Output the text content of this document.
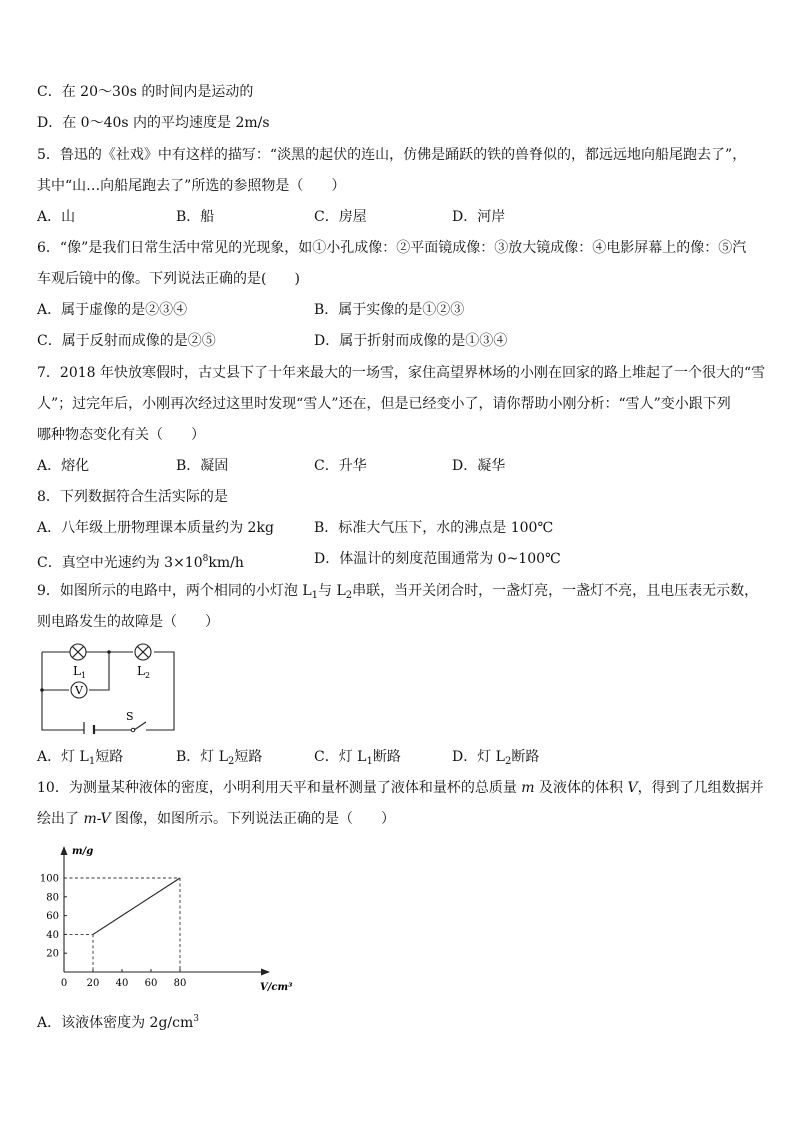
C．在 20～30s 的时间内是运动的
D．在 0～40s 内的平均速度是 2m/s
5．鲁迅的《社戏》中有这样的描写：“淡黑的起伏的连山，仿佛是踊跃的铁的兽脊似的，都远远地向船尾跑去了”，
其中“山…向船尾跑去了”所选的参照物是（　　）
A．山	B．船	C．房屋	D．河岸
6．“像”是我们日常生活中常见的光现象，如①小孔成像：②平面镜成像：③放大镜成像：④电影屏幕上的像：⑤汽
车观后镜中的像。下列说法正确的是(　　)
A．属于虚像的是②③④	B．属于实像的是①②③
C．属于反射而成像的是②⑤	D．属于折射而成像的是①③④
7．2018 年快放寒假时，古丈县下了十年来最大的一场雪，家住高望界林场的小刚在回家的路上堆起了一个很大的“雪
人”；过完年后，小刚再次经过这里时发现“雪人”还在，但是已经变小了，请你帮助小刚分析：“雪人”变小跟下列
哪种物态变化有关（　　）
A．熔化	B．凝固	C．升华	D．凝华
8．下列数据符合生活实际的是
A．八年级上册物理课本质量约为 2kg	B．标准大气压下，水的沸点是 100℃
C．真空中光速约为 $3\times 10^8km/h$	D．体温计的刻度范围通常为 0~100℃
9．如图所示的电路中，两个相同的小灯泡 $L_1$与 $L_2$串联，当开关闭合时，一盏灯亮，一盏灯不亮，且电压表无示数，
则电路发生的故障是（　　）
V
$L_1$	$L_2$
S
A．灯 $L_1$短路	B．灯 $L_2$短路	C．灯 $L_1$断路	D．灯 $L_2$断路
10．为测量某种液体的密度，小明利用天平和量杯测量了液体和量杯的总质量 m 及液体的体积 V，得到了几组数据并
绘出了 m-V 图像，如图所示。下列说法正确的是（　　）
0 20 40 60 80
20
40
60
80
100
m/g
V/cm³
A．该液体密度为 $2g/cm^3$
